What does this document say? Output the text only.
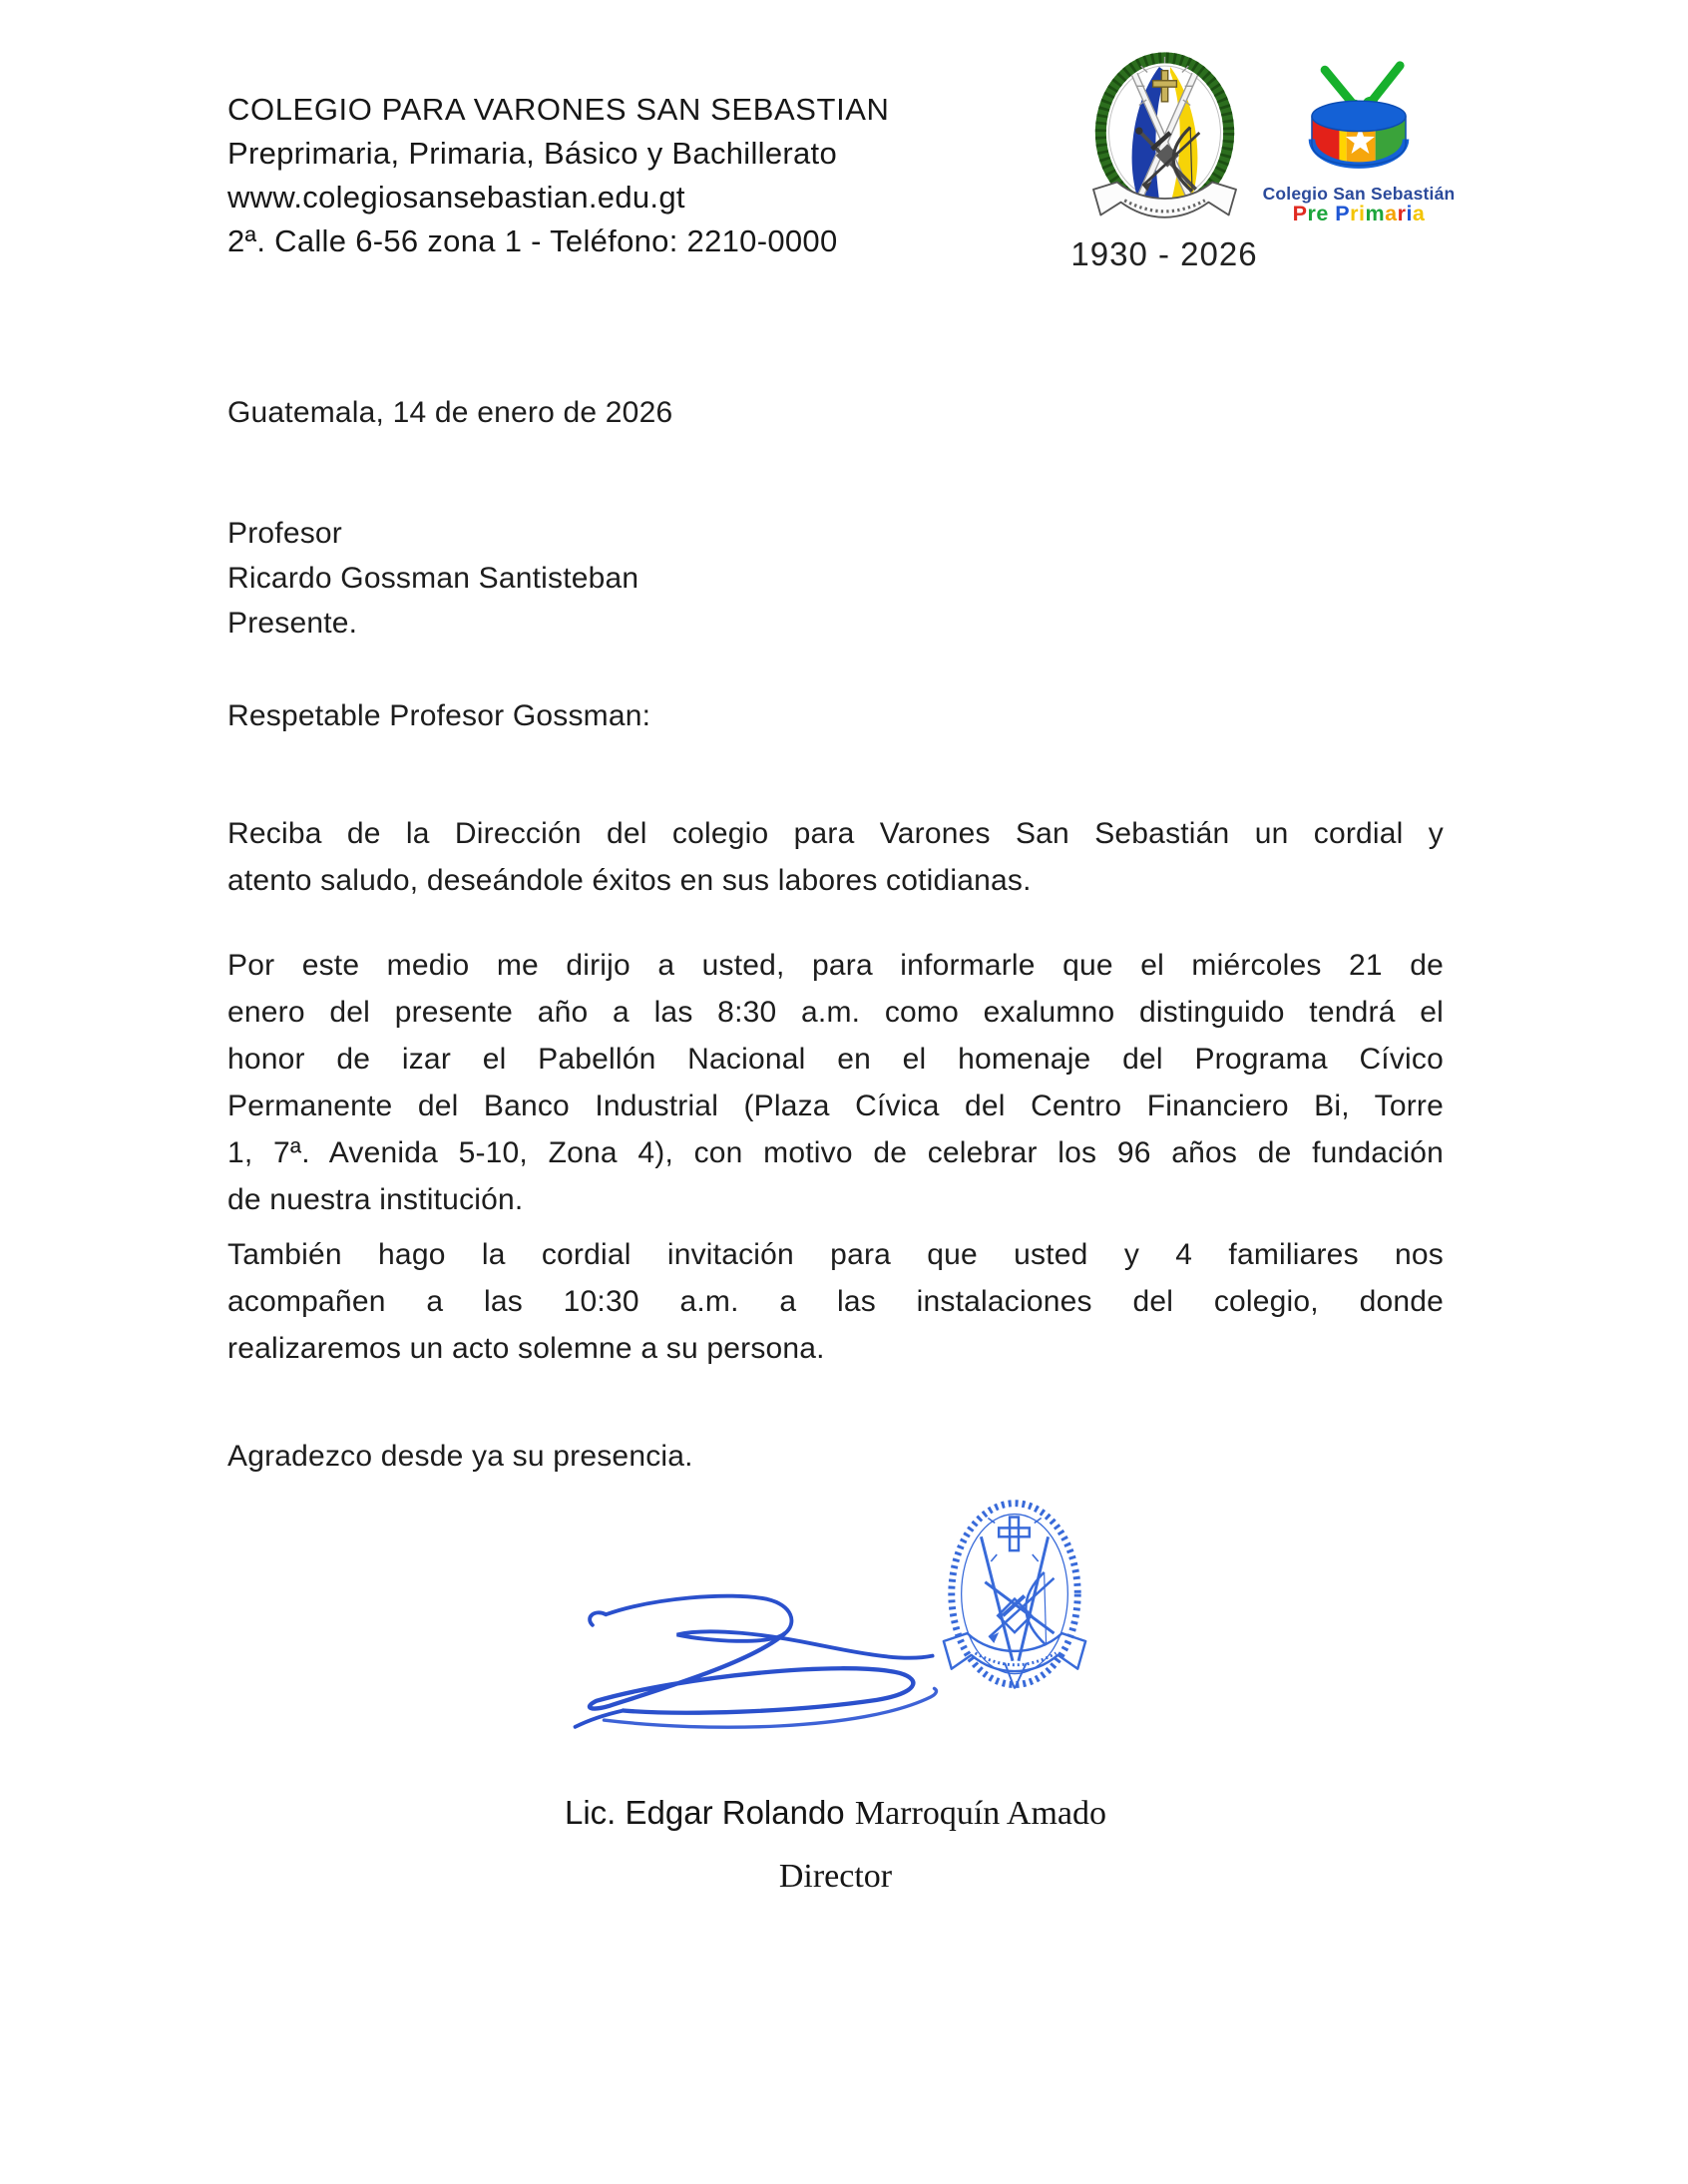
COLEGIO PARA VARONES SAN SEBASTIAN
Preprimaria, Primaria, Básico y Bachillerato
www.colegiosansebastian.edu.gt
2ª. Calle 6-56 zona 1 - Teléfono: 2210-0000	1930 - 2026
Colegio San Sebastián
Pre Primaria
Guatemala, 14 de enero de 2026
Profesor
Ricardo Gossman Santisteban
Presente.
Respetable Profesor Gossman:
Reciba de la Dirección del colegio para Varones San Sebastián un cordial y
atento saludo, deseándole éxitos en sus labores cotidianas.
Por este medio me dirijo a usted, para informarle que el miércoles 21 de
enero del presente año a las 8:30 a.m. como exalumno distinguido tendrá el
honor de izar el Pabellón Nacional en el homenaje del Programa Cívico
Permanente del Banco Industrial (Plaza Cívica del Centro Financiero Bi, Torre
1, 7ª. Avenida 5-10, Zona 4), con motivo de celebrar los 96 años de fundación
de nuestra institución.
También hago la cordial invitación para que usted y 4 familiares nos
acompañen a las 10:30 a.m. a las instalaciones del colegio, donde
realizaremos un acto solemne a su persona.
Agradezco desde ya su presencia.
Lic. Edgar Rolando Marroquín Amado
Director
